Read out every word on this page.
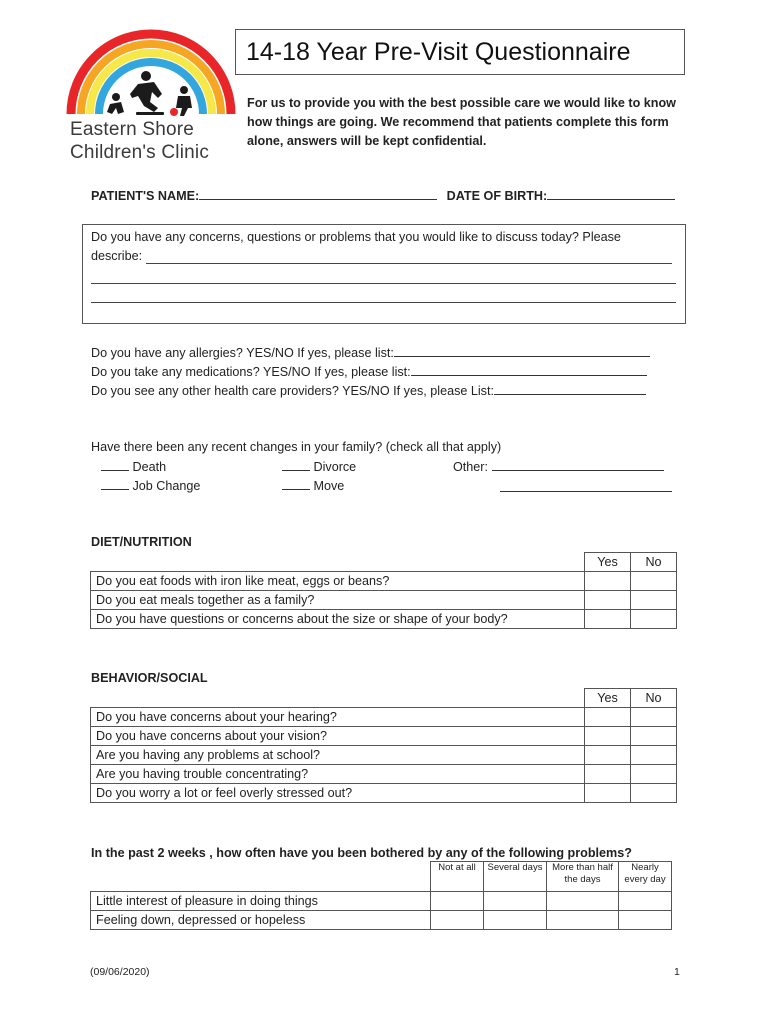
Eastern Shore
Children's Clinic
14-18 Year Pre-Visit Questionnaire
For us to provide you with the best possible care we would like to know how things are going. We recommend that patients complete this form alone, answers will be kept confidential.
PATIENT'S NAME:	DATE OF BIRTH:
Do you have any concerns, questions or problems that you would like to discuss today? Please
describe:
Do you have any allergies? YES/NO If yes, please list:
Do you take any medications? YES/NO If yes, please list:
Do you see any other health care providers? YES/NO If yes, please List:
Have there been any recent changes in your family? (check all that apply)
Death	Divorce	Other:
Job Change	Move
DIET/NUTRITION
	Yes	No
Do you eat foods with iron like meat, eggs or beans?		
Do you eat meals together as a family?		
Do you have questions or concerns about the size or shape of your body?		
BEHAVIOR/SOCIAL
	Yes	No
Do you have concerns about your hearing?		
Do you have concerns about your vision?		
Are you having any problems at school?		
Are you having trouble concentrating?		
Do you worry a lot or feel overly stressed out?		
In the past 2 weeks , how often have you been bothered by any of the following problems?
	Not at all	Several days	More than half the days	Nearly every day
Little interest of pleasure in doing things				
Feeling down, depressed or hopeless				
(09/06/2020)	1
